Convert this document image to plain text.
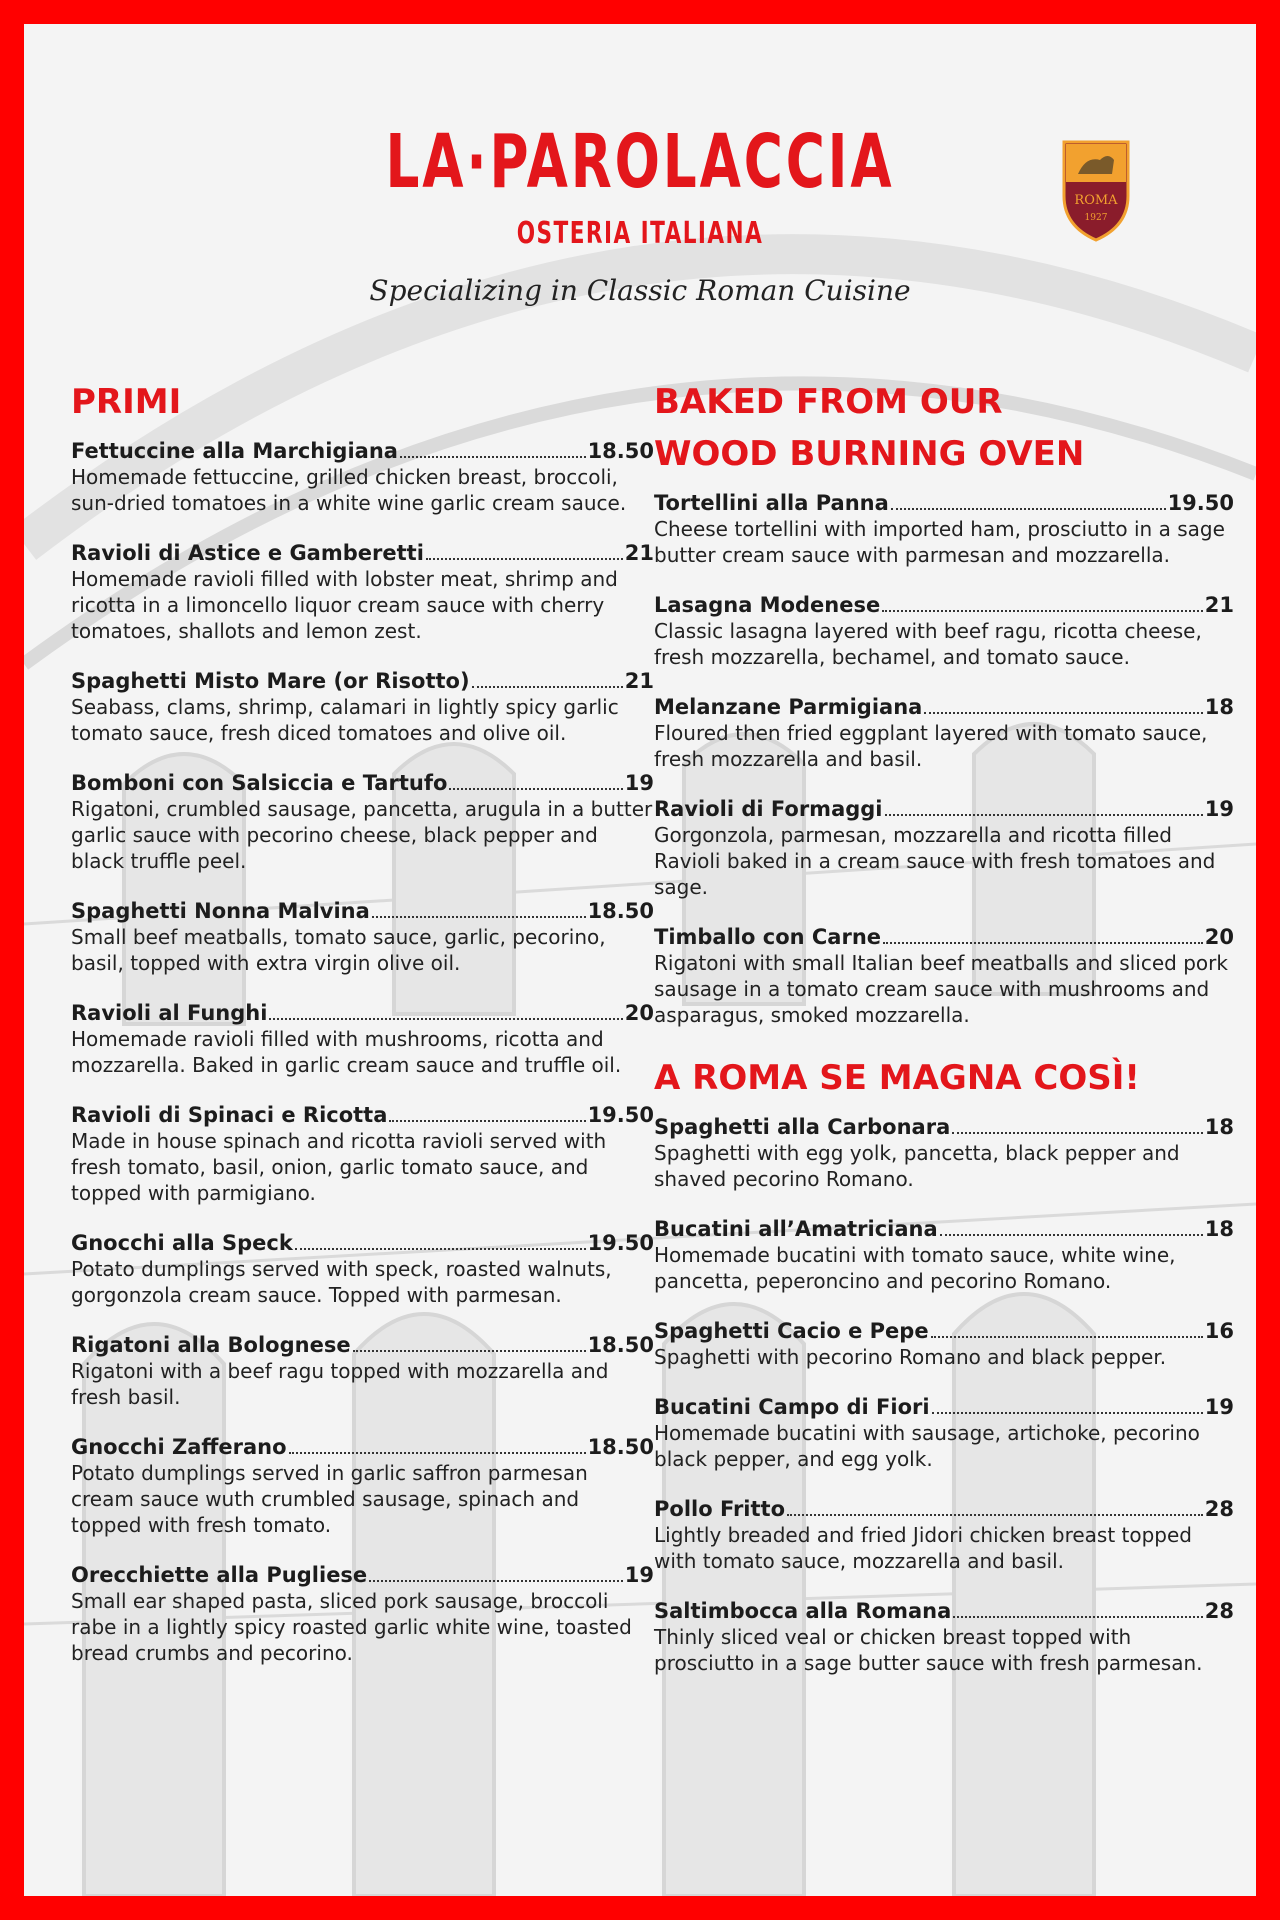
LA·PAROLACCIA
OSTERIA ITALIANA
Specializing in Classic Roman Cuisine
ROMA
1927
PRIMI
Fettuccine alla Marchigiana	18.50
Homemade fettuccine, grilled chicken breast, broccoli, sun-dried tomatoes in a white wine garlic cream sauce.
Ravioli di Astice e Gamberetti	21
Homemade ravioli filled with lobster meat, shrimp and ricotta in a limoncello liquor cream sauce with cherry tomatoes, shallots and lemon zest.
Spaghetti Misto Mare (or Risotto)	21
Seabass, clams, shrimp, calamari in lightly spicy garlic tomato sauce, fresh diced tomatoes and olive oil.
Bomboni con Salsiccia e Tartufo	19
Rigatoni, crumbled sausage, pancetta, arugula in a butter garlic sauce with pecorino cheese, black pepper and black truffle peel.
Spaghetti Nonna Malvina	18.50
Small beef meatballs, tomato sauce, garlic, pecorino, basil, topped with extra virgin olive oil.
Ravioli al Funghi	20
Homemade ravioli filled with mushrooms, ricotta and mozzarella. Baked in garlic cream sauce and truffle oil.
Ravioli di Spinaci e Ricotta	19.50
Made in house spinach and ricotta ravioli served with fresh tomato, basil, onion, garlic tomato sauce, and topped with parmigiano.
Gnocchi alla Speck	19.50
Potato dumplings served with speck, roasted walnuts, gorgonzola cream sauce. Topped with parmesan.
Rigatoni alla Bolognese	18.50
Rigatoni with a beef ragu topped with mozzarella and fresh basil.
Gnocchi Zafferano	18.50
Potato dumplings served in garlic saffron parmesan cream sauce wuth crumbled sausage, spinach and topped with fresh tomato.
Orecchiette alla Pugliese	19
Small ear shaped pasta, sliced pork sausage, broccoli rabe in a lightly spicy roasted garlic white wine, toasted bread crumbs and pecorino.
BAKED FROM OUR WOOD BURNING OVEN
Tortellini alla Panna	19.50
Cheese tortellini with imported ham, prosciutto in a sage butter cream sauce with parmesan and mozzarella.
Lasagna Modenese	21
Classic lasagna layered with beef ragu, ricotta cheese, fresh mozzarella, bechamel, and tomato sauce.
Melanzane Parmigiana	18
Floured then fried eggplant layered with tomato sauce, fresh mozzarella and basil.
Ravioli di Formaggi	19
Gorgonzola, parmesan, mozzarella and ricotta filled Ravioli baked in a cream sauce with fresh tomatoes and sage.
Timballo con Carne	20
Rigatoni with small Italian beef meatballs and sliced pork sausage in a tomato cream sauce with mushrooms and asparagus, smoked mozzarella.
A ROMA SE MAGNA COSÌ!
Spaghetti alla Carbonara	18
Spaghetti with egg yolk, pancetta, black pepper and shaved pecorino Romano.
Bucatini all’Amatriciana	18
Homemade bucatini with tomato sauce, white wine, pancetta, peperoncino and pecorino Romano.
Spaghetti Cacio e Pepe	16
Spaghetti with pecorino Romano and black pepper.
Bucatini Campo di Fiori	19
Homemade bucatini with sausage, artichoke, pecorino black pepper, and egg yolk.
Pollo Fritto	28
Lightly breaded and fried Jidori chicken breast topped with tomato sauce, mozzarella and basil.
Saltimbocca alla Romana	28
Thinly sliced veal or chicken breast topped with prosciutto in a sage butter sauce with fresh parmesan.
